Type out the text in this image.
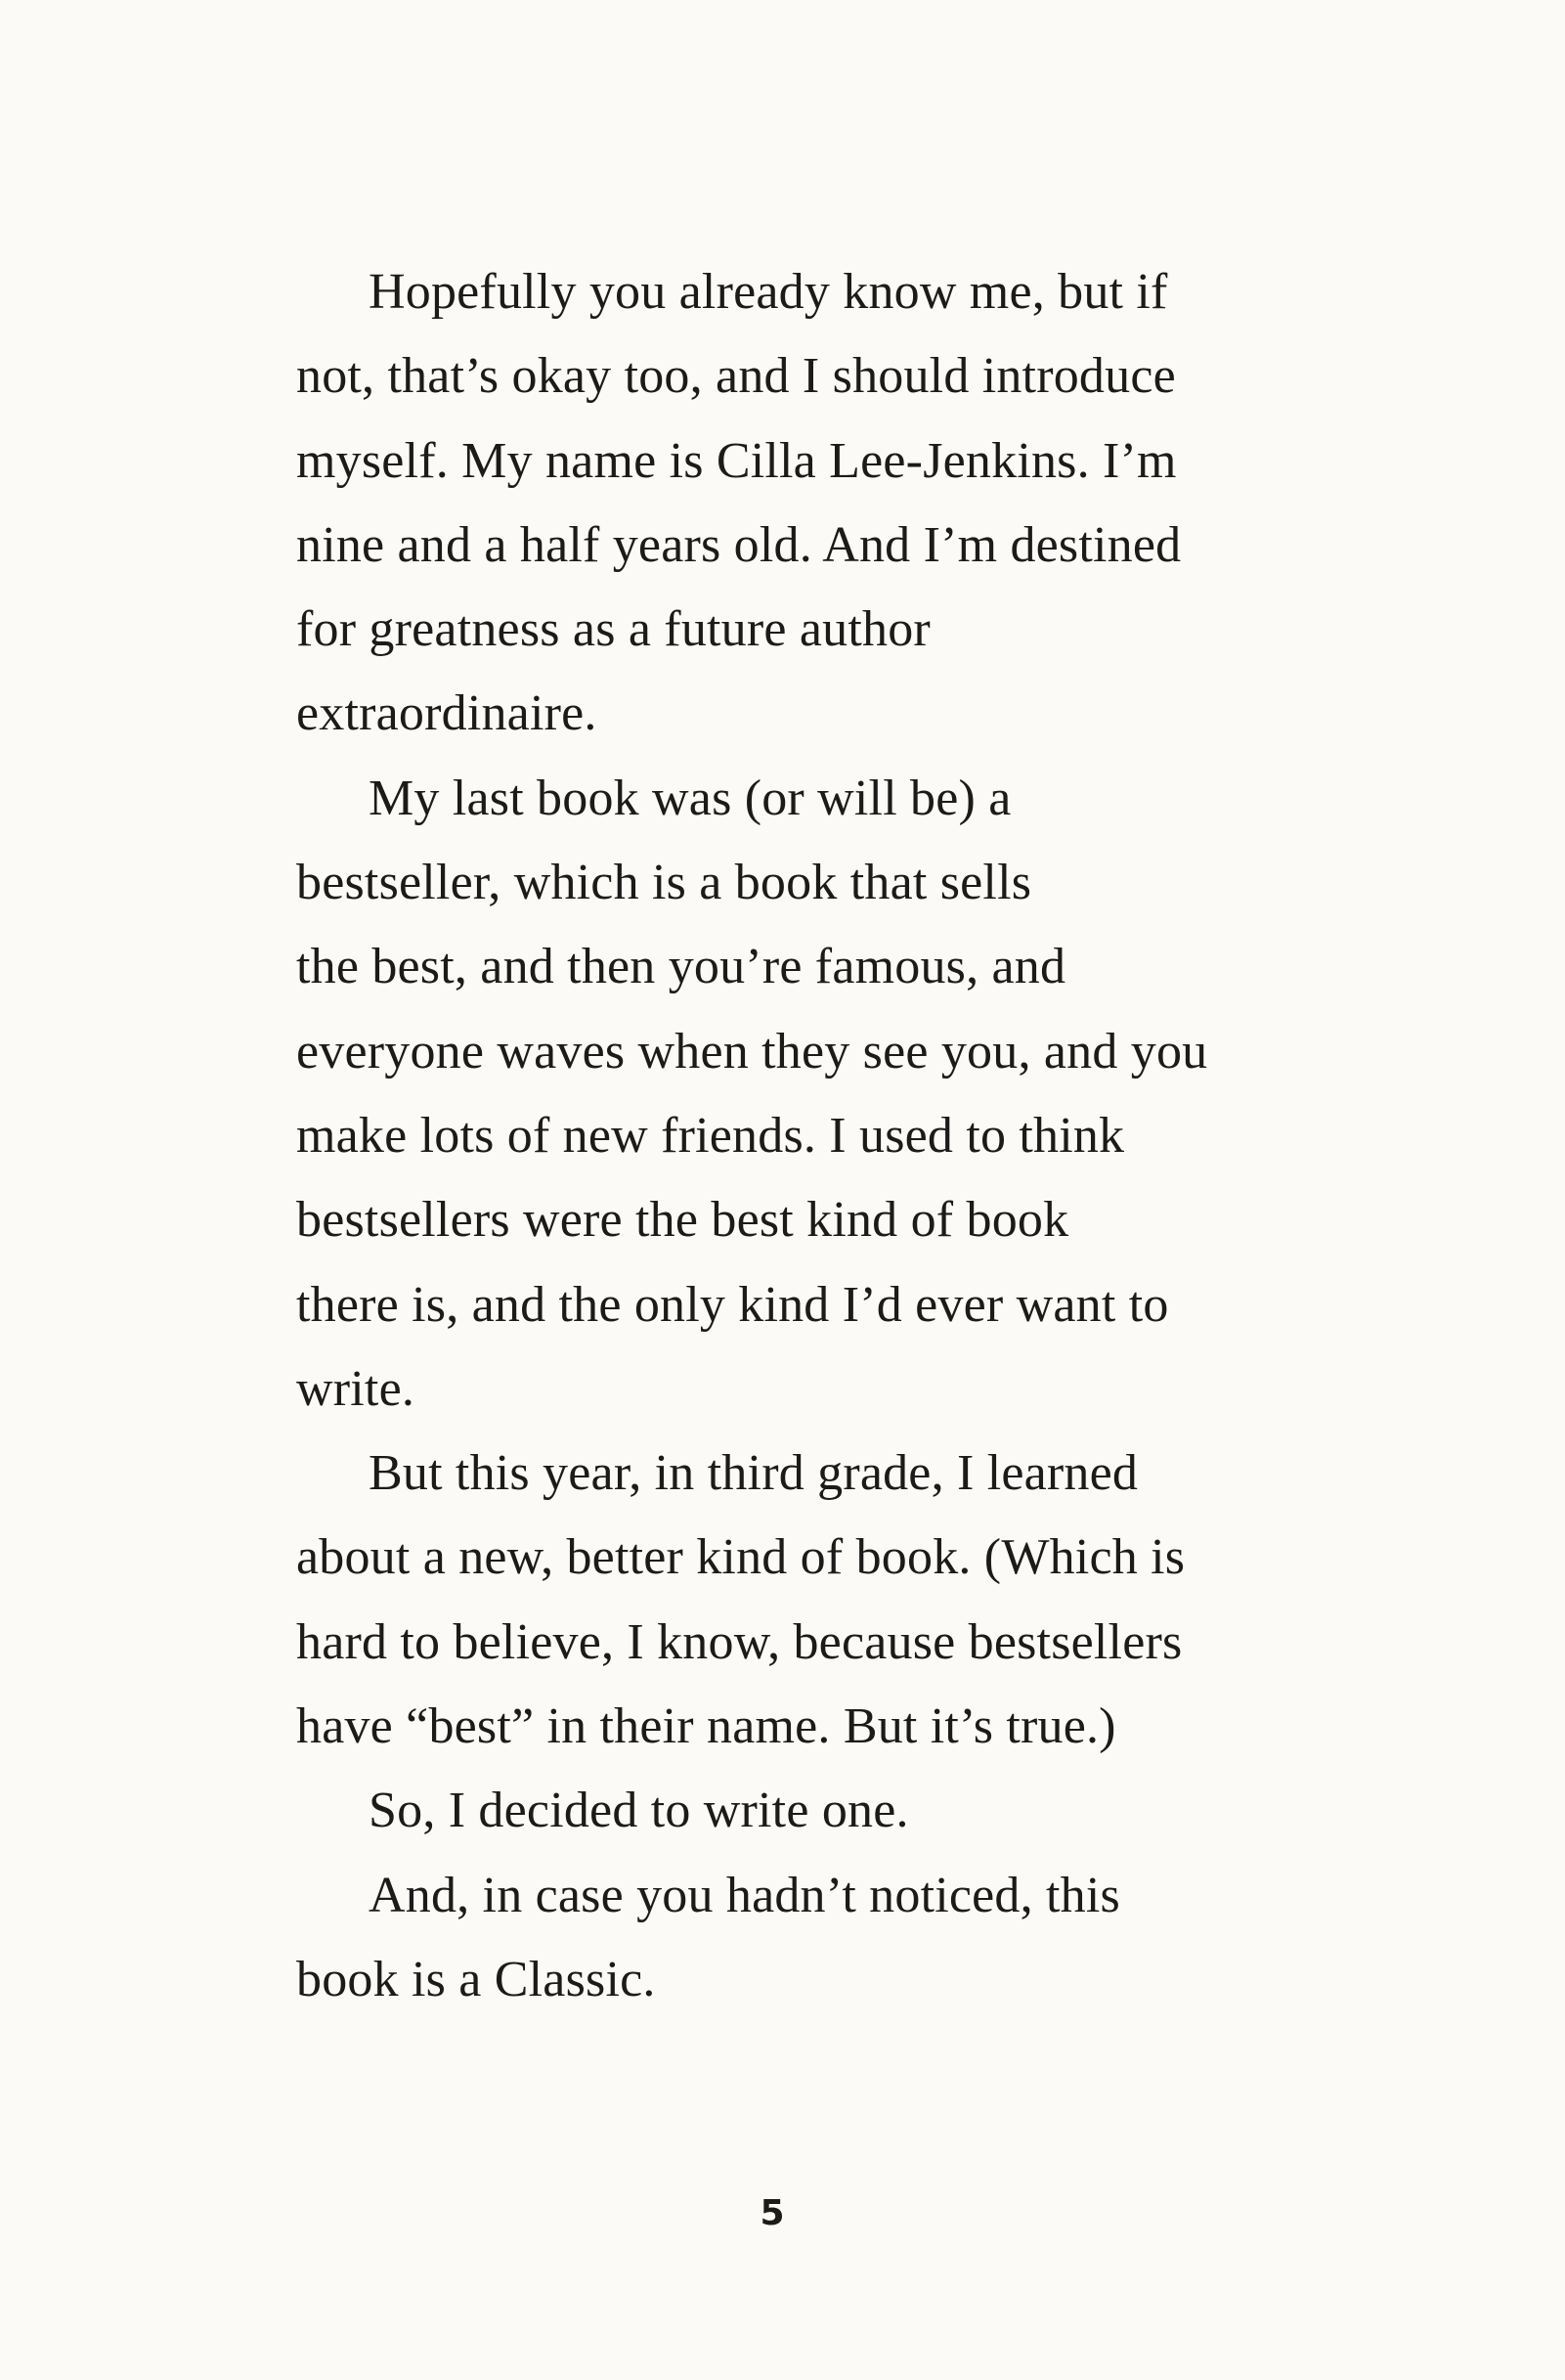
Hopefully you already know me, but if
not, that’s okay too, and I should introduce
myself. My name is Cilla Lee-Jenkins. I’m
nine and a half years old. And I’m destined
for greatness as a future author
extraordinaire.
My last book was (or will be) a
bestseller, which is a book that sells
the best, and then you’re famous, and
everyone waves when they see you, and you
make lots of new friends. I used to think
bestsellers were the best kind of book
there is, and the only kind I’d ever want to
write.
But this year, in third grade, I learned
about a new, better kind of book. (Which is
hard to believe, I know, because bestsellers
have “best” in their name. But it’s true.)
So, I decided to write one.
And, in case you hadn’t noticed, this
book is a Classic.
5
